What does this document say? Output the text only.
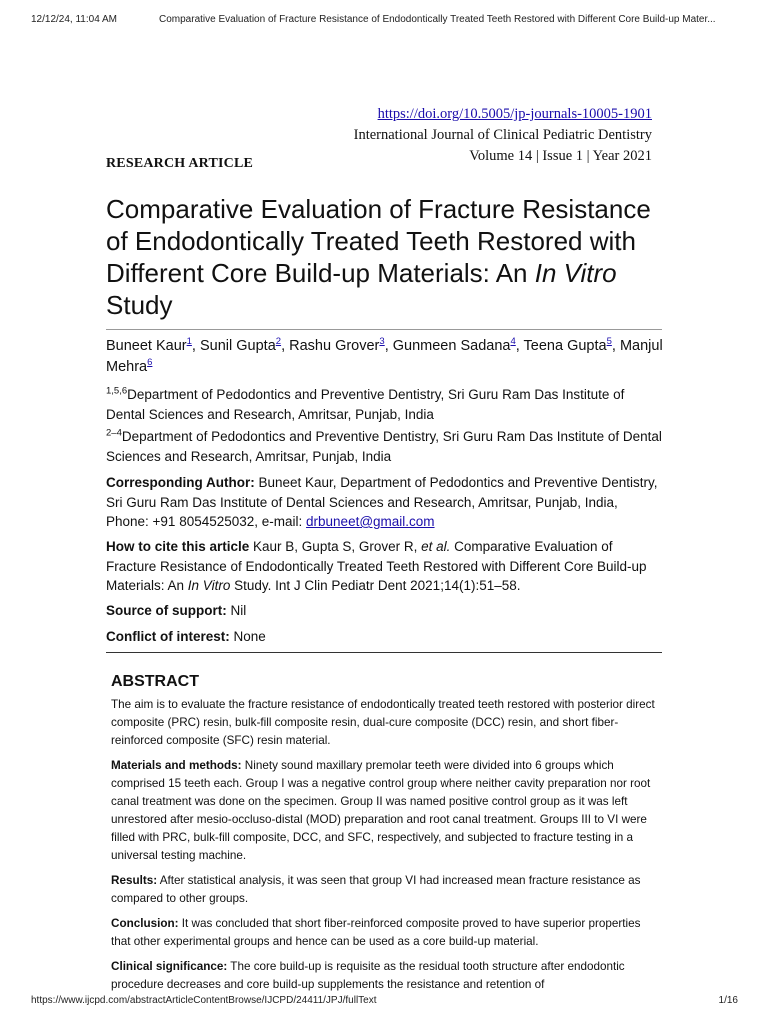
12/12/24, 11:04 AM	Comparative Evaluation of Fracture Resistance of Endodontically Treated Teeth Restored with Different Core Build-up Mater...
https://doi.org/10.5005/jp-journals-10005-1901
International Journal of Clinical Pediatric Dentistry
Volume 14 | Issue 1 | Year 2021
RESEARCH ARTICLE
Comparative Evaluation of Fracture Resistance of Endodontically Treated Teeth Restored with Different Core Build-up Materials: An In Vitro Study
Buneet Kaur$^1$, Sunil Gupta$^2$, Rashu Grover$^3$, Gunmeen Sadana$^4$, Teena Gupta$^5$, Manjul Mehra$^6$
$^{1,5,6}$Department of Pedodontics and Preventive Dentistry, Sri Guru Ram Das Institute of Dental Sciences and Research, Amritsar, Punjab, India
$^{2-4}$Department of Pedodontics and Preventive Dentistry, Sri Guru Ram Das Institute of Dental Sciences and Research, Amritsar, Punjab, India
Corresponding Author: Buneet Kaur, Department of Pedodontics and Preventive Dentistry, Sri Guru Ram Das Institute of Dental Sciences and Research, Amritsar, Punjab, India, Phone: +91 8054525032, e-mail: drbuneet@gmail.com
How to cite this article Kaur B, Gupta S, Grover R, et al. Comparative Evaluation of Fracture Resistance of Endodontically Treated Teeth Restored with Different Core Build-up Materials: An In Vitro Study. Int J Clin Pediatr Dent 2021;14(1):51–58.
Source of support: Nil
Conflict of interest: None
ABSTRACT

The aim is to evaluate the fracture resistance of endodontically treated teeth restored with posterior direct composite (PRC) resin, bulk-fill composite resin, dual-cure composite (DCC) resin, and short fiber-reinforced composite (SFC) resin material.

Materials and methods: Ninety sound maxillary premolar teeth were divided into 6 groups which comprised 15 teeth each. Group I was a negative control group where neither cavity preparation nor root canal treatment was done on the specimen. Group II was named positive control group as it was left unrestored after mesio-occluso-distal (MOD) preparation and root canal treatment. Groups III to VI were filled with PRC, bulk-fill composite, DCC, and SFC, respectively, and subjected to fracture testing in a universal testing machine.

Results: After statistical analysis, it was seen that group VI had increased mean fracture resistance as compared to other groups.

Conclusion: It was concluded that short fiber-reinforced composite proved to have superior properties that other experimental groups and hence can be used as a core build-up material.

Clinical significance: The core build-up is requisite as the residual tooth structure after endodontic procedure decreases and core build-up supplements the resistance and retention of

https://www.ijcpd.com/abstractArticleContentBrowse/IJCPD/24411/JPJ/fullText	1/16
